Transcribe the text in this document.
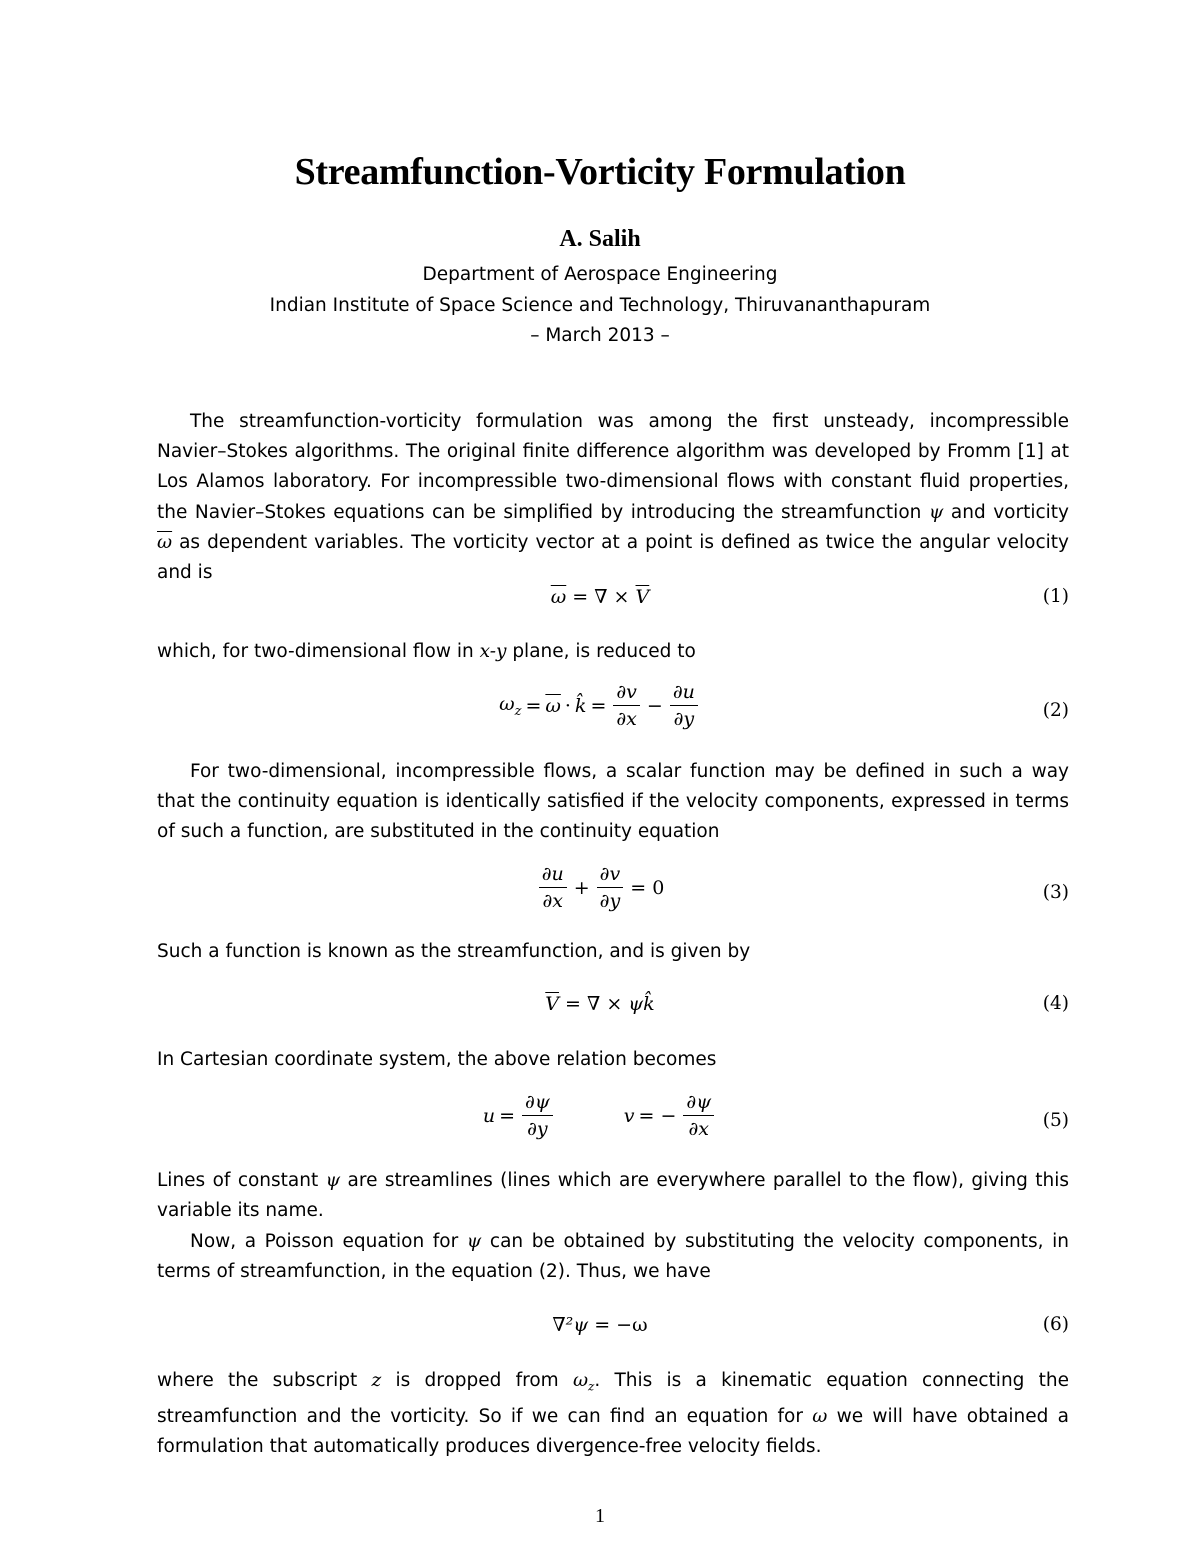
Streamfunction-Vorticity Formulation
A. Salih
Department of Aerospace Engineering
Indian Institute of Space Science and Technology, Thiruvananthapuram
– March 2013 –

The streamfunction-vorticity formulation was among the first unsteady, incompressible Navier–Stokes algorithms. The original finite difference algorithm was developed by Fromm [1] at Los Alamos laboratory. For incompressible two-dimensional flows with constant fluid properties, the Navier–Stokes equations can be simplified by introducing the streamfunction ψ and vorticity $\overline{\omega}$ as dependent variables. The vorticity vector at a point is defined as twice the angular velocity and is

$\overline{\omega}$ = ∇ × $\overline{V}$	(1)

which, for two-dimensional flow in x-y plane, is reduced to

$\omega_z = \overline{\omega}$ · k̂ = $\frac{\partial v}{\partial x} - \frac{\partial u}{\partial y}$	(2)

For two-dimensional, incompressible flows, a scalar function may be defined in such a way that the continuity equation is identically satisfied if the velocity components, expressed in terms of such a function, are substituted in the continuity equation

$\frac{\partial u}{\partial x} + \frac{\partial v}{\partial y} = 0$	(3)

Such a function is known as the streamfunction, and is given by

$\overline{V}$ = ∇ × ψk̂	(4)

In Cartesian coordinate system, the above relation becomes

$u = \frac{\partial\psi}{\partial y}$	v = − $\frac{\partial\psi}{\partial x}$	(5)

Lines of constant ψ are streamlines (lines which are everywhere parallel to the flow), giving this variable its name.

Now, a Poisson equation for ψ can be obtained by substituting the velocity components, in terms of streamfunction, in the equation (2). Thus, we have

∇²ψ = −ω	(6)

where the subscript z is dropped from $\omega_z$. This is a kinematic equation connecting the streamfunction and the vorticity. So if we can find an equation for ω we will have obtained a formulation that automatically produces divergence-free velocity fields.

1
